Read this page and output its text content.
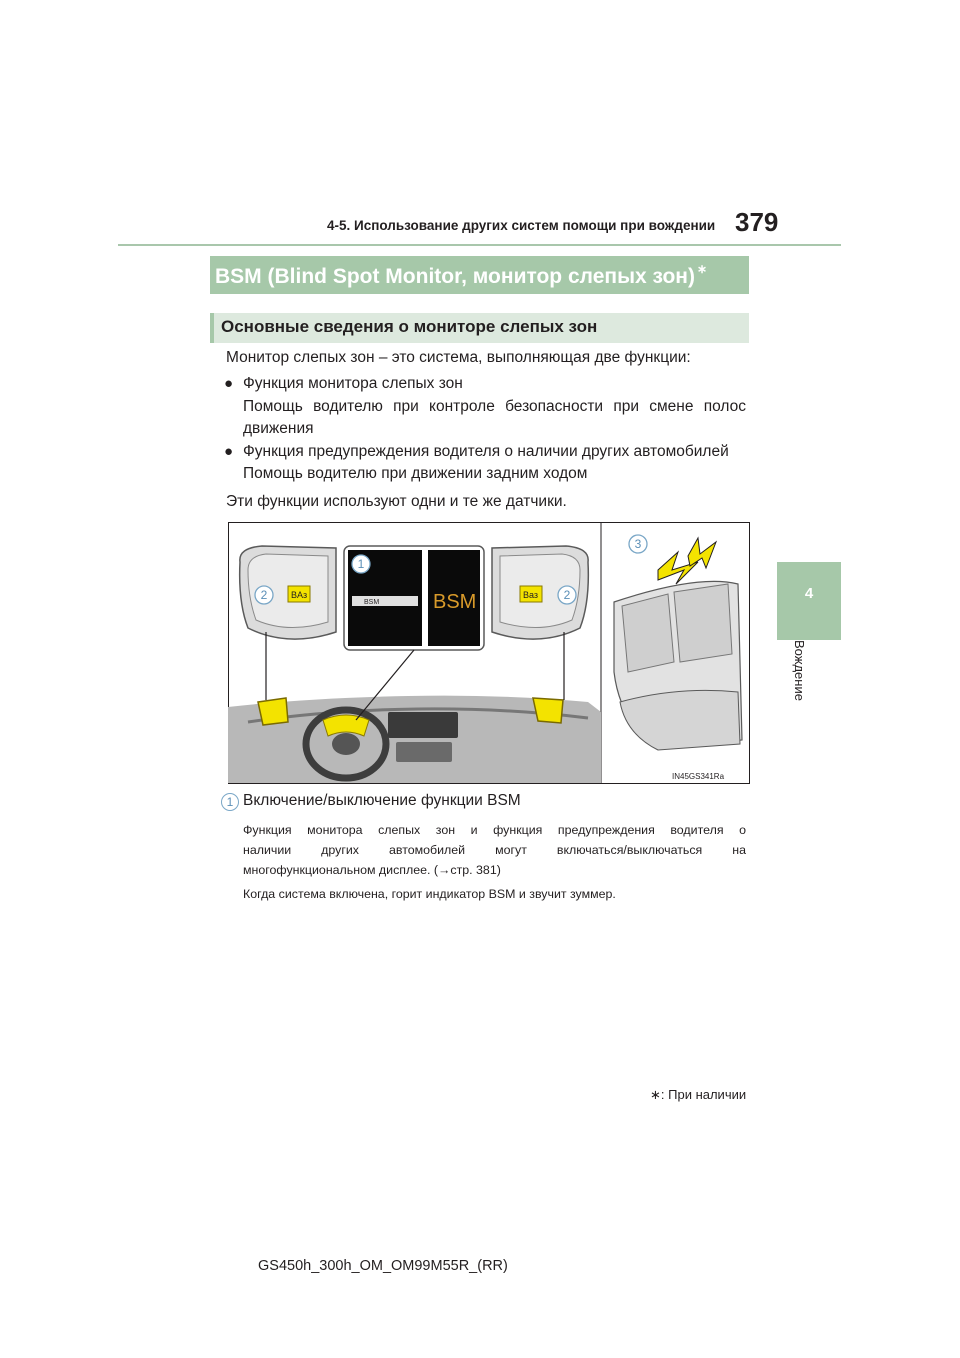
4-5. Использование других систем помощи при вождении 379
4
Вождение
BSM (Blind Spot Monitor, монитор слепых зон) ∗
Основные сведения о мониторе слепых зон
Монитор слепых зон – это система, выполняющая две функции:
● Функция монитора слепых зон
Помощь водителю при контроле безопасности при смене полос
движения
● Функция предупреждения водителя о наличии других автомобилей
Помощь водителю при движении задним ходом
Эти функции используют одни и те же датчики.
BАз	Bаз
BSM	BSM
IN45GS341Ra
1
2	2
3
1 Включение/выключение функции BSM
Функция монитора слепых зон и функция предупреждения водителя о
наличии других автомобилей могут включаться/выключаться на
многофункциональном дисплее. (→стр. 381)
Когда система включена, горит индикатор BSM и звучит зуммер.
∗: При наличии
GS450h_300h_OM_OM99M55R_(RR)
